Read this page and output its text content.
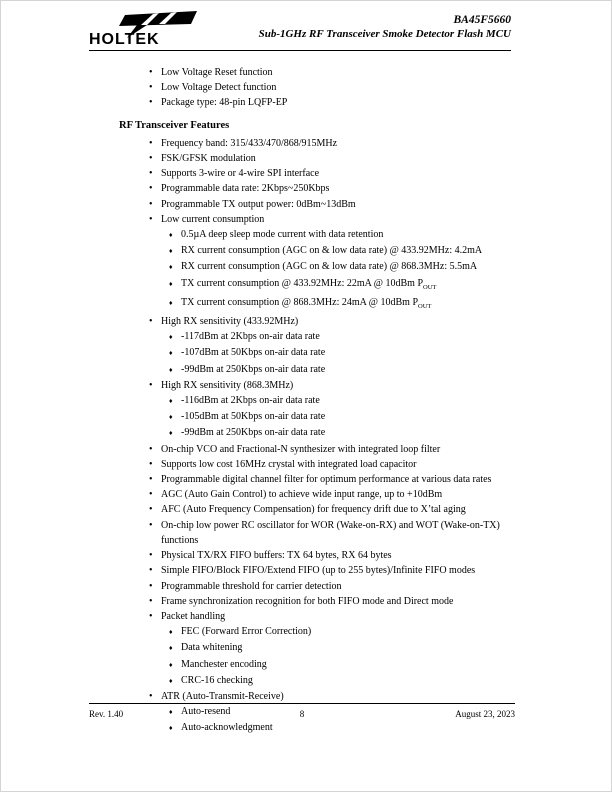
HOLTEK
BA45F5660
Sub-1GHz RF Transceiver Smoke Detector Flash MCU
• Low Voltage Reset function
• Low Voltage Detect function
• Package type: 48-pin LQFP-EP
RF Transceiver Features
• Frequency band: 315/433/470/868/915MHz
• FSK/GFSK modulation
• Supports 3-wire or 4-wire SPI interface
• Programmable data rate: 2Kbps~250Kbps
• Programmable TX output power: 0dBm~13dBm
• Low current consumption
♦ 0.5µA deep sleep mode current with data retention
♦ RX current consumption (AGC on & low data rate) @ 433.92MHz: 4.2mA
♦ RX current consumption (AGC on & low data rate) @ 868.3MHz: 5.5mA
♦ TX current consumption @ 433.92MHz: 22mA @ 10dBm $P_{OUT}$
♦ TX current consumption @ 868.3MHz: 24mA @ 10dBm $P_{OUT}$
• High RX sensitivity (433.92MHz)
♦ -117dBm at 2Kbps on-air data rate
♦ -107dBm at 50Kbps on-air data rate
♦ -99dBm at 250Kbps on-air data rate
• High RX sensitivity (868.3MHz)
♦ -116dBm at 2Kbps on-air data rate
♦ -105dBm at 50Kbps on-air data rate
♦ -99dBm at 250Kbps on-air data rate
• On-chip VCO and Fractional-N synthesizer with integrated loop filter
• Supports low cost 16MHz crystal with integrated load capacitor
• Programmable digital channel filter for optimum performance at various data rates
• AGC (Auto Gain Control) to achieve wide input range, up to +10dBm
• AFC (Auto Frequency Compensation) for frequency drift due to X’tal aging
• On-chip low power RC oscillator for WOR (Wake-on-RX) and WOT (Wake-on-TX) functions
• Physical TX/RX FIFO buffers: TX 64 bytes, RX 64 bytes
• Simple FIFO/Block FIFO/Extend FIFO (up to 255 bytes)/Infinite FIFO modes
• Programmable threshold for carrier detection
• Frame synchronization recognition for both FIFO mode and Direct mode
• Packet handling
♦ FEC (Forward Error Correction)
♦ Data whitening
♦ Manchester encoding
♦ CRC-16 checking
• ATR (Auto-Transmit-Receive)
♦ Auto-resend
♦ Auto-acknowledgment
Rev. 1.40	8	August 23, 2023
